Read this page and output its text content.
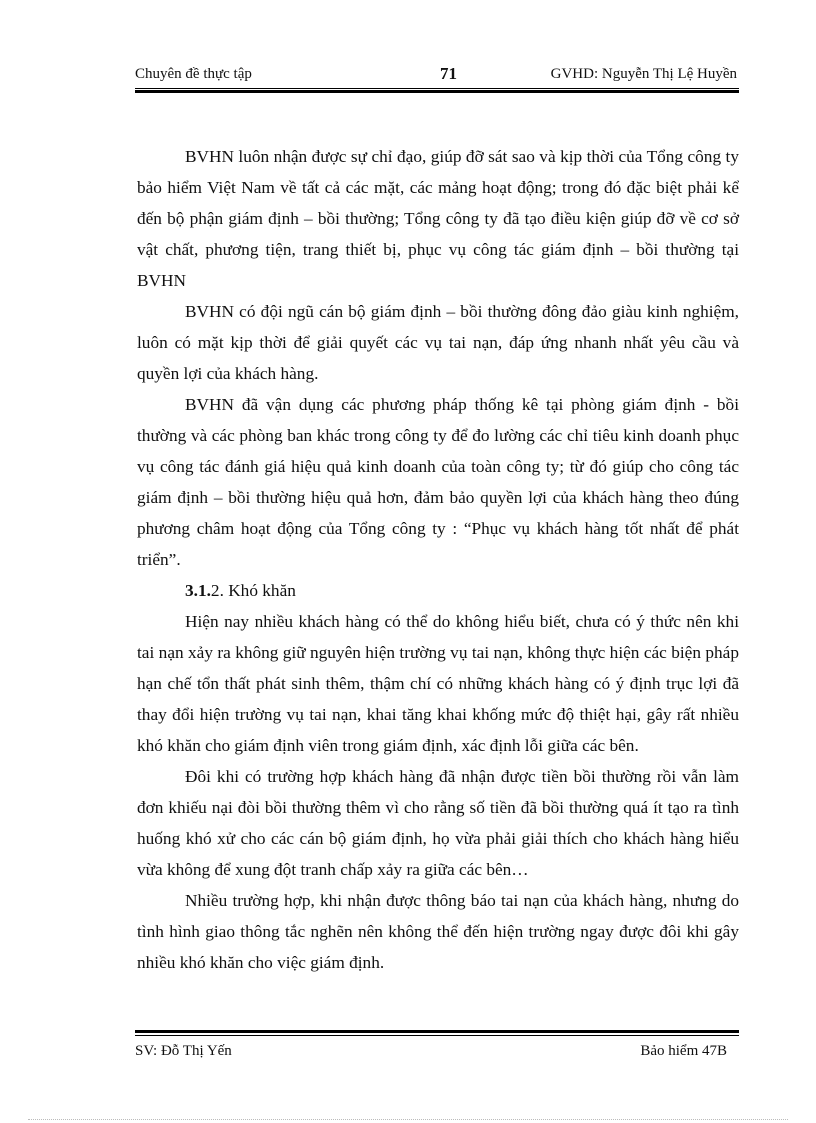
Chuyên đề thực tập	71	GVHD: Nguyễn Thị Lệ Huyền

BVHN luôn nhận được sự chỉ đạo, giúp đỡ sát sao và kịp thời của Tổng công ty bảo hiểm Việt Nam về tất cả các mặt, các mảng hoạt động; trong đó đặc biệt phải kể đến bộ phận giám định – bồi thường; Tổng công ty đã tạo điều kiện giúp đỡ về cơ sở vật chất, phương tiện, trang thiết bị, phục vụ công tác giám định – bồi thường tại BVHN

BVHN có đội ngũ cán bộ giám định – bồi thường đông đảo giàu kinh nghiệm, luôn có mặt kịp thời để giải quyết các vụ tai nạn, đáp ứng nhanh nhất yêu cầu và quyền lợi của khách hàng.

BVHN đã vận dụng các phương pháp thống kê tại phòng giám định - bồi thường và các phòng ban khác trong công ty để đo lường các chỉ tiêu kinh doanh phục vụ công tác đánh giá hiệu quả kinh doanh của toàn công ty; từ đó giúp cho công tác giám định – bồi thường hiệu quả hơn, đảm bảo quyền lợi của khách hàng theo đúng phương châm hoạt động của Tổng công ty : “Phục vụ khách hàng tốt nhất để phát triển”.

3.1.2. Khó khăn

Hiện nay nhiều khách hàng có thể do không hiểu biết, chưa có ý thức nên khi tai nạn xảy ra không giữ nguyên hiện trường vụ tai nạn, không thực hiện các biện pháp hạn chế tổn thất phát sinh thêm, thậm chí có những khách hàng có ý định trục lợi đã thay đổi hiện trường vụ tai nạn, khai tăng khai khống mức độ thiệt hại, gây rất nhiều khó khăn cho giám định viên trong giám định, xác định lỗi giữa các bên.

Đôi khi có trường hợp khách hàng đã nhận được tiền bồi thường rồi vẫn làm đơn khiếu nại đòi bồi thường thêm vì cho rằng số tiền đã bồi thường quá ít tạo ra tình huống khó xử cho các cán bộ giám định, họ vừa phải giải thích cho khách hàng hiểu vừa không để xung đột tranh chấp xảy ra giữa các bên…

Nhiều trường hợp, khi nhận được thông báo tai nạn của khách hàng, nhưng do tình hình giao thông tắc nghẽn nên không thể đến hiện trường ngay được đôi khi gây nhiều khó khăn cho việc giám định.

SV: Đỗ Thị Yến	Bảo hiểm 47B
